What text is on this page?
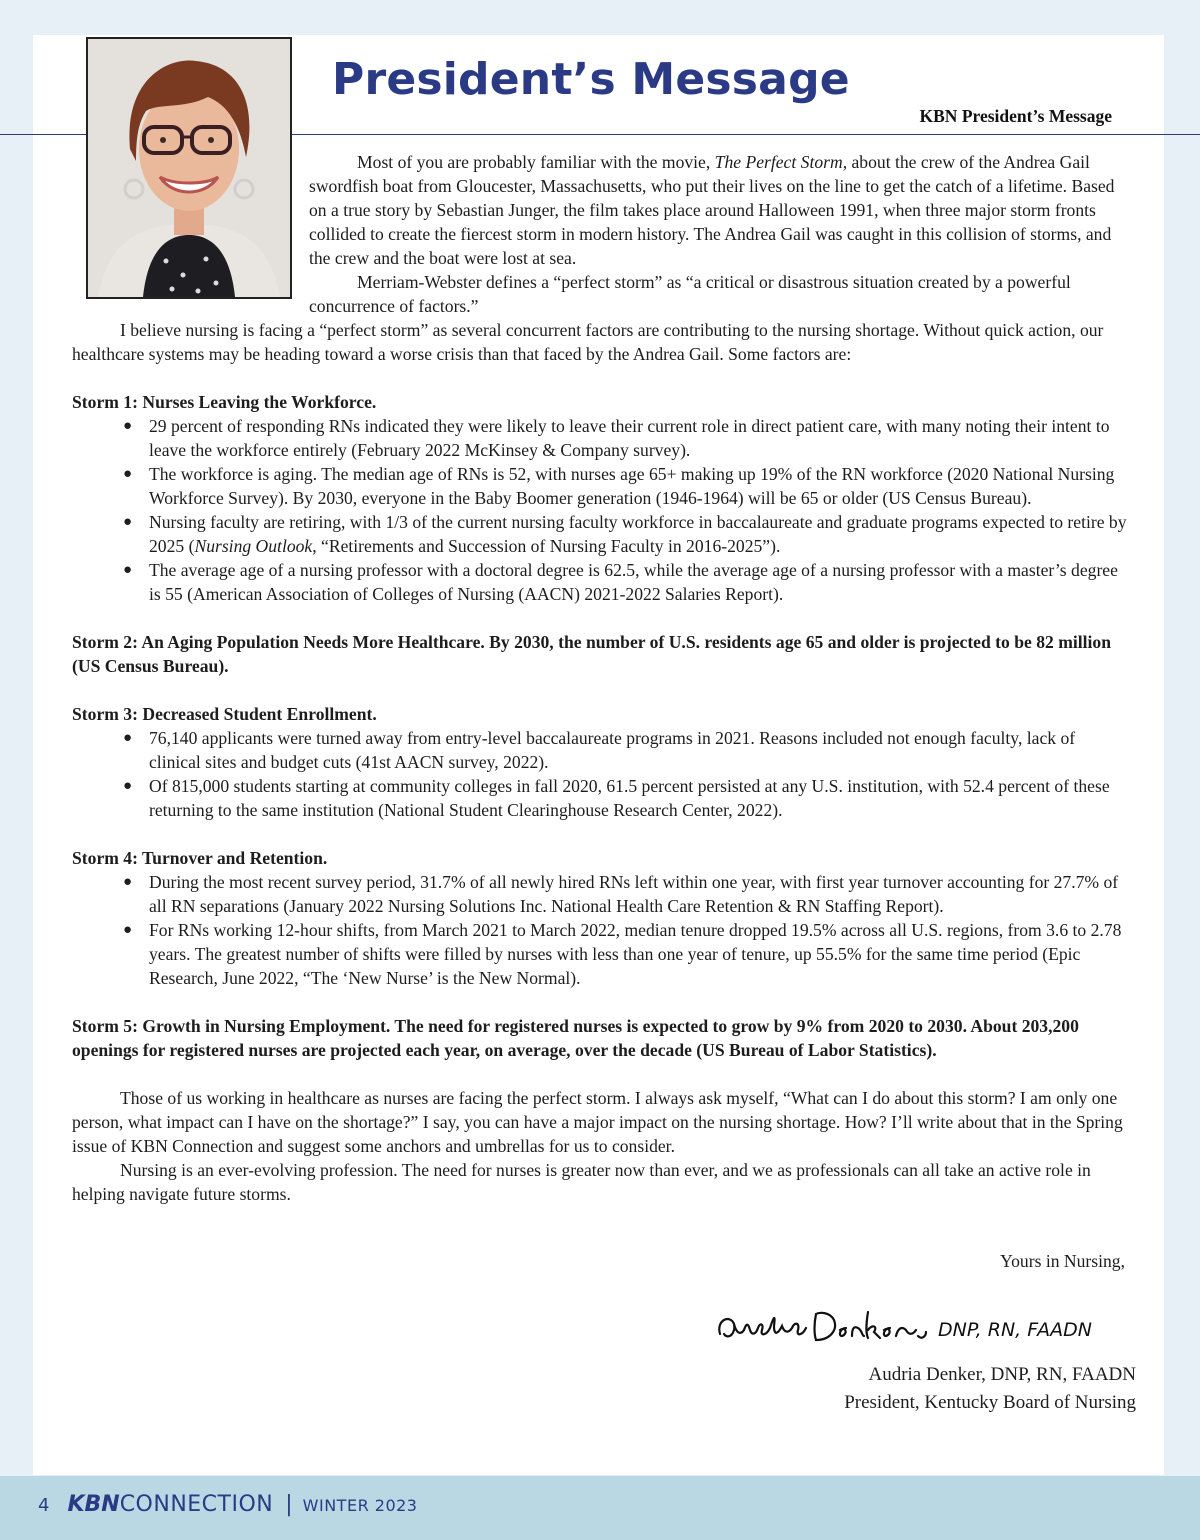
President’s Message
KBN President’s Message

Most of you are probably familiar with the movie, The Perfect Storm, about the crew of the Andrea Gail swordfish boat from Gloucester, Massachusetts, who put their lives on the line to get the catch of a lifetime. Based on a true story by Sebastian Junger, the film takes place around Halloween 1991, when three major storm fronts collided to create the fiercest storm in modern history. The Andrea Gail was caught in this collision of storms, and the crew and the boat were lost at sea.

Merriam-Webster defines a “perfect storm” as “a critical or disastrous situation created by a powerful concurrence of factors.”

I believe nursing is facing a “perfect storm” as several concurrent factors are contributing to the nursing shortage. Without quick action, our healthcare systems may be heading toward a worse crisis than that faced by the Andrea Gail. Some factors are:

Storm 1: Nurses Leaving the Workforce.

● 29 percent of responding RNs indicated they were likely to leave their current role in direct patient care, with many noting their intent to leave the workforce entirely (February 2022 McKinsey & Company survey).
● The workforce is aging. The median age of RNs is 52, with nurses age 65+ making up 19% of the RN workforce (2020 National Nursing Workforce Survey). By 2030, everyone in the Baby Boomer generation (1946-1964) will be 65 or older (US Census Bureau).
● Nursing faculty are retiring, with 1/3 of the current nursing faculty workforce in baccalaureate and graduate programs expected to retire by 2025 (Nursing Outlook, “Retirements and Succession of Nursing Faculty in 2016-2025”).
● The average age of a nursing professor with a doctoral degree is 62.5, while the average age of a nursing professor with a master’s degree is 55 (American Association of Colleges of Nursing (AACN) 2021-2022 Salaries Report).

Storm 2: An Aging Population Needs More Healthcare. By 2030, the number of U.S. residents age 65 and older is projected to be 82 million (US Census Bureau).

Storm 3: Decreased Student Enrollment.

● 76,140 applicants were turned away from entry-level baccalaureate programs in 2021. Reasons included not enough faculty, lack of clinical sites and budget cuts (41st AACN survey, 2022).
● Of 815,000 students starting at community colleges in fall 2020, 61.5 percent persisted at any U.S. institution, with 52.4 percent of these returning to the same institution (National Student Clearinghouse Research Center, 2022).

Storm 4: Turnover and Retention.

● During the most recent survey period, 31.7% of all newly hired RNs left within one year, with first year turnover accounting for 27.7% of all RN separations (January 2022 Nursing Solutions Inc. National Health Care Retention & RN Staffing Report).
● For RNs working 12-hour shifts, from March 2021 to March 2022, median tenure dropped 19.5% across all U.S. regions, from 3.6 to 2.78 years. The greatest number of shifts were filled by nurses with less than one year of tenure, up 55.5% for the same time period (Epic Research, June 2022, “The ‘New Nurse’ is the New Normal).

Storm 5: Growth in Nursing Employment. The need for registered nurses is expected to grow by 9% from 2020 to 2030. About 203,200 openings for registered nurses are projected each year, on average, over the decade (US Bureau of Labor Statistics).

Those of us working in healthcare as nurses are facing the perfect storm. I always ask myself, “What can I do about this storm? I am only one person, what impact can I have on the shortage?” I say, you can have a major impact on the nursing shortage. How? I’ll write about that in the Spring issue of KBN Connection and suggest some anchors and umbrellas for us to consider.

Nursing is an ever-evolving profession. The need for nurses is greater now than ever, and we as professionals can all take an active role in helping navigate future storms.

Yours in Nursing,
DNP, RN, FAADN
Audria Denker, DNP, RN, FAADN
President, Kentucky Board of Nursing
4 KBNCONNECTION | WINTER 2023
